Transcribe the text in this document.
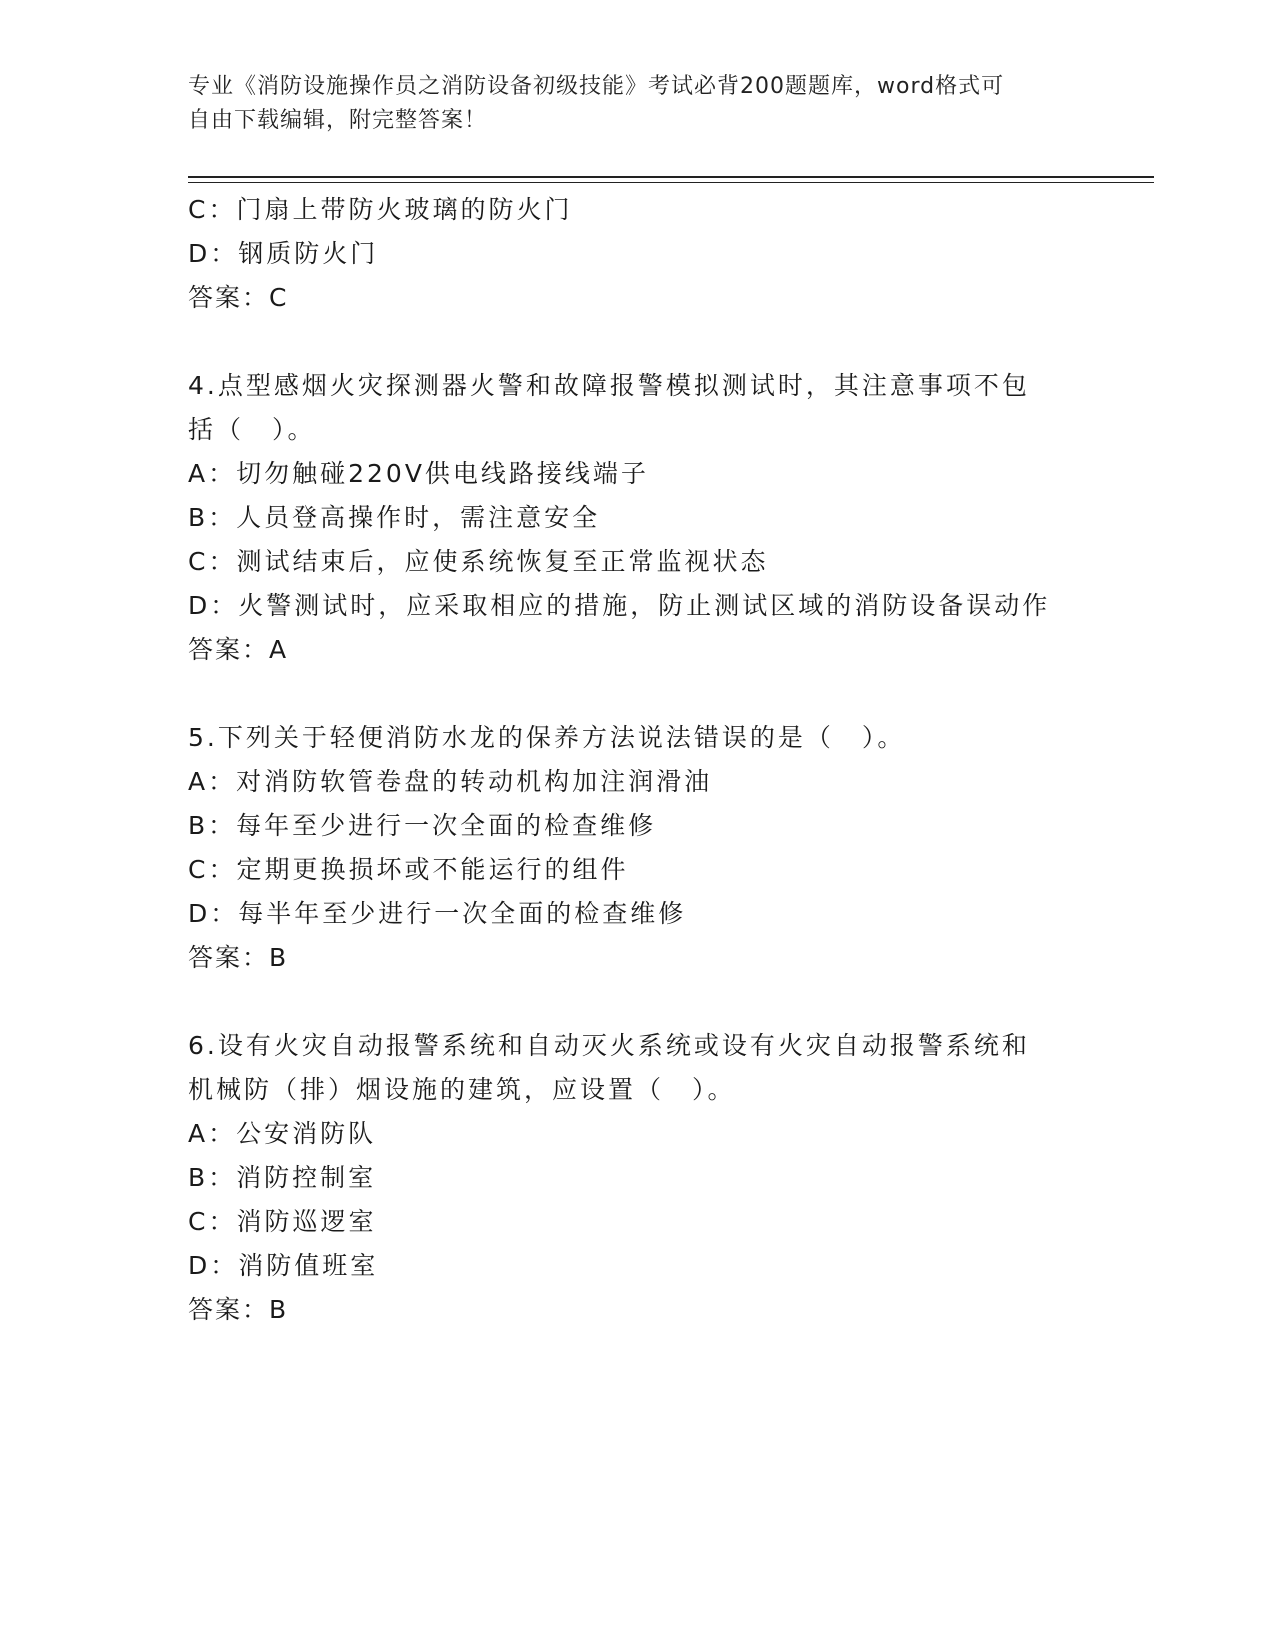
专业《消防设施操作员之消防设备初级技能》考试必背200题题库，word格式可
自由下载编辑，附完整答案！
C：门扇上带防火玻璃的防火门
D：钢质防火门
答案：C
4.点型感烟火灾探测器火警和故障报警模拟测试时，其注意事项不包
括（　）。
A：切勿触碰220V供电线路接线端子
B：人员登高操作时，需注意安全
C：测试结束后，应使系统恢复至正常监视状态
D：火警测试时，应采取相应的措施，防止测试区域的消防设备误动作
答案：A
5.下列关于轻便消防水龙的保养方法说法错误的是（　）。
A：对消防软管卷盘的转动机构加注润滑油
B：每年至少进行一次全面的检查维修
C：定期更换损坏或不能运行的组件
D：每半年至少进行一次全面的检查维修
答案：B
6.设有火灾自动报警系统和自动灭火系统或设有火灾自动报警系统和
机械防（排）烟设施的建筑，应设置（　）。
A：公安消防队
B：消防控制室
C：消防巡逻室
D：消防值班室
答案：B
